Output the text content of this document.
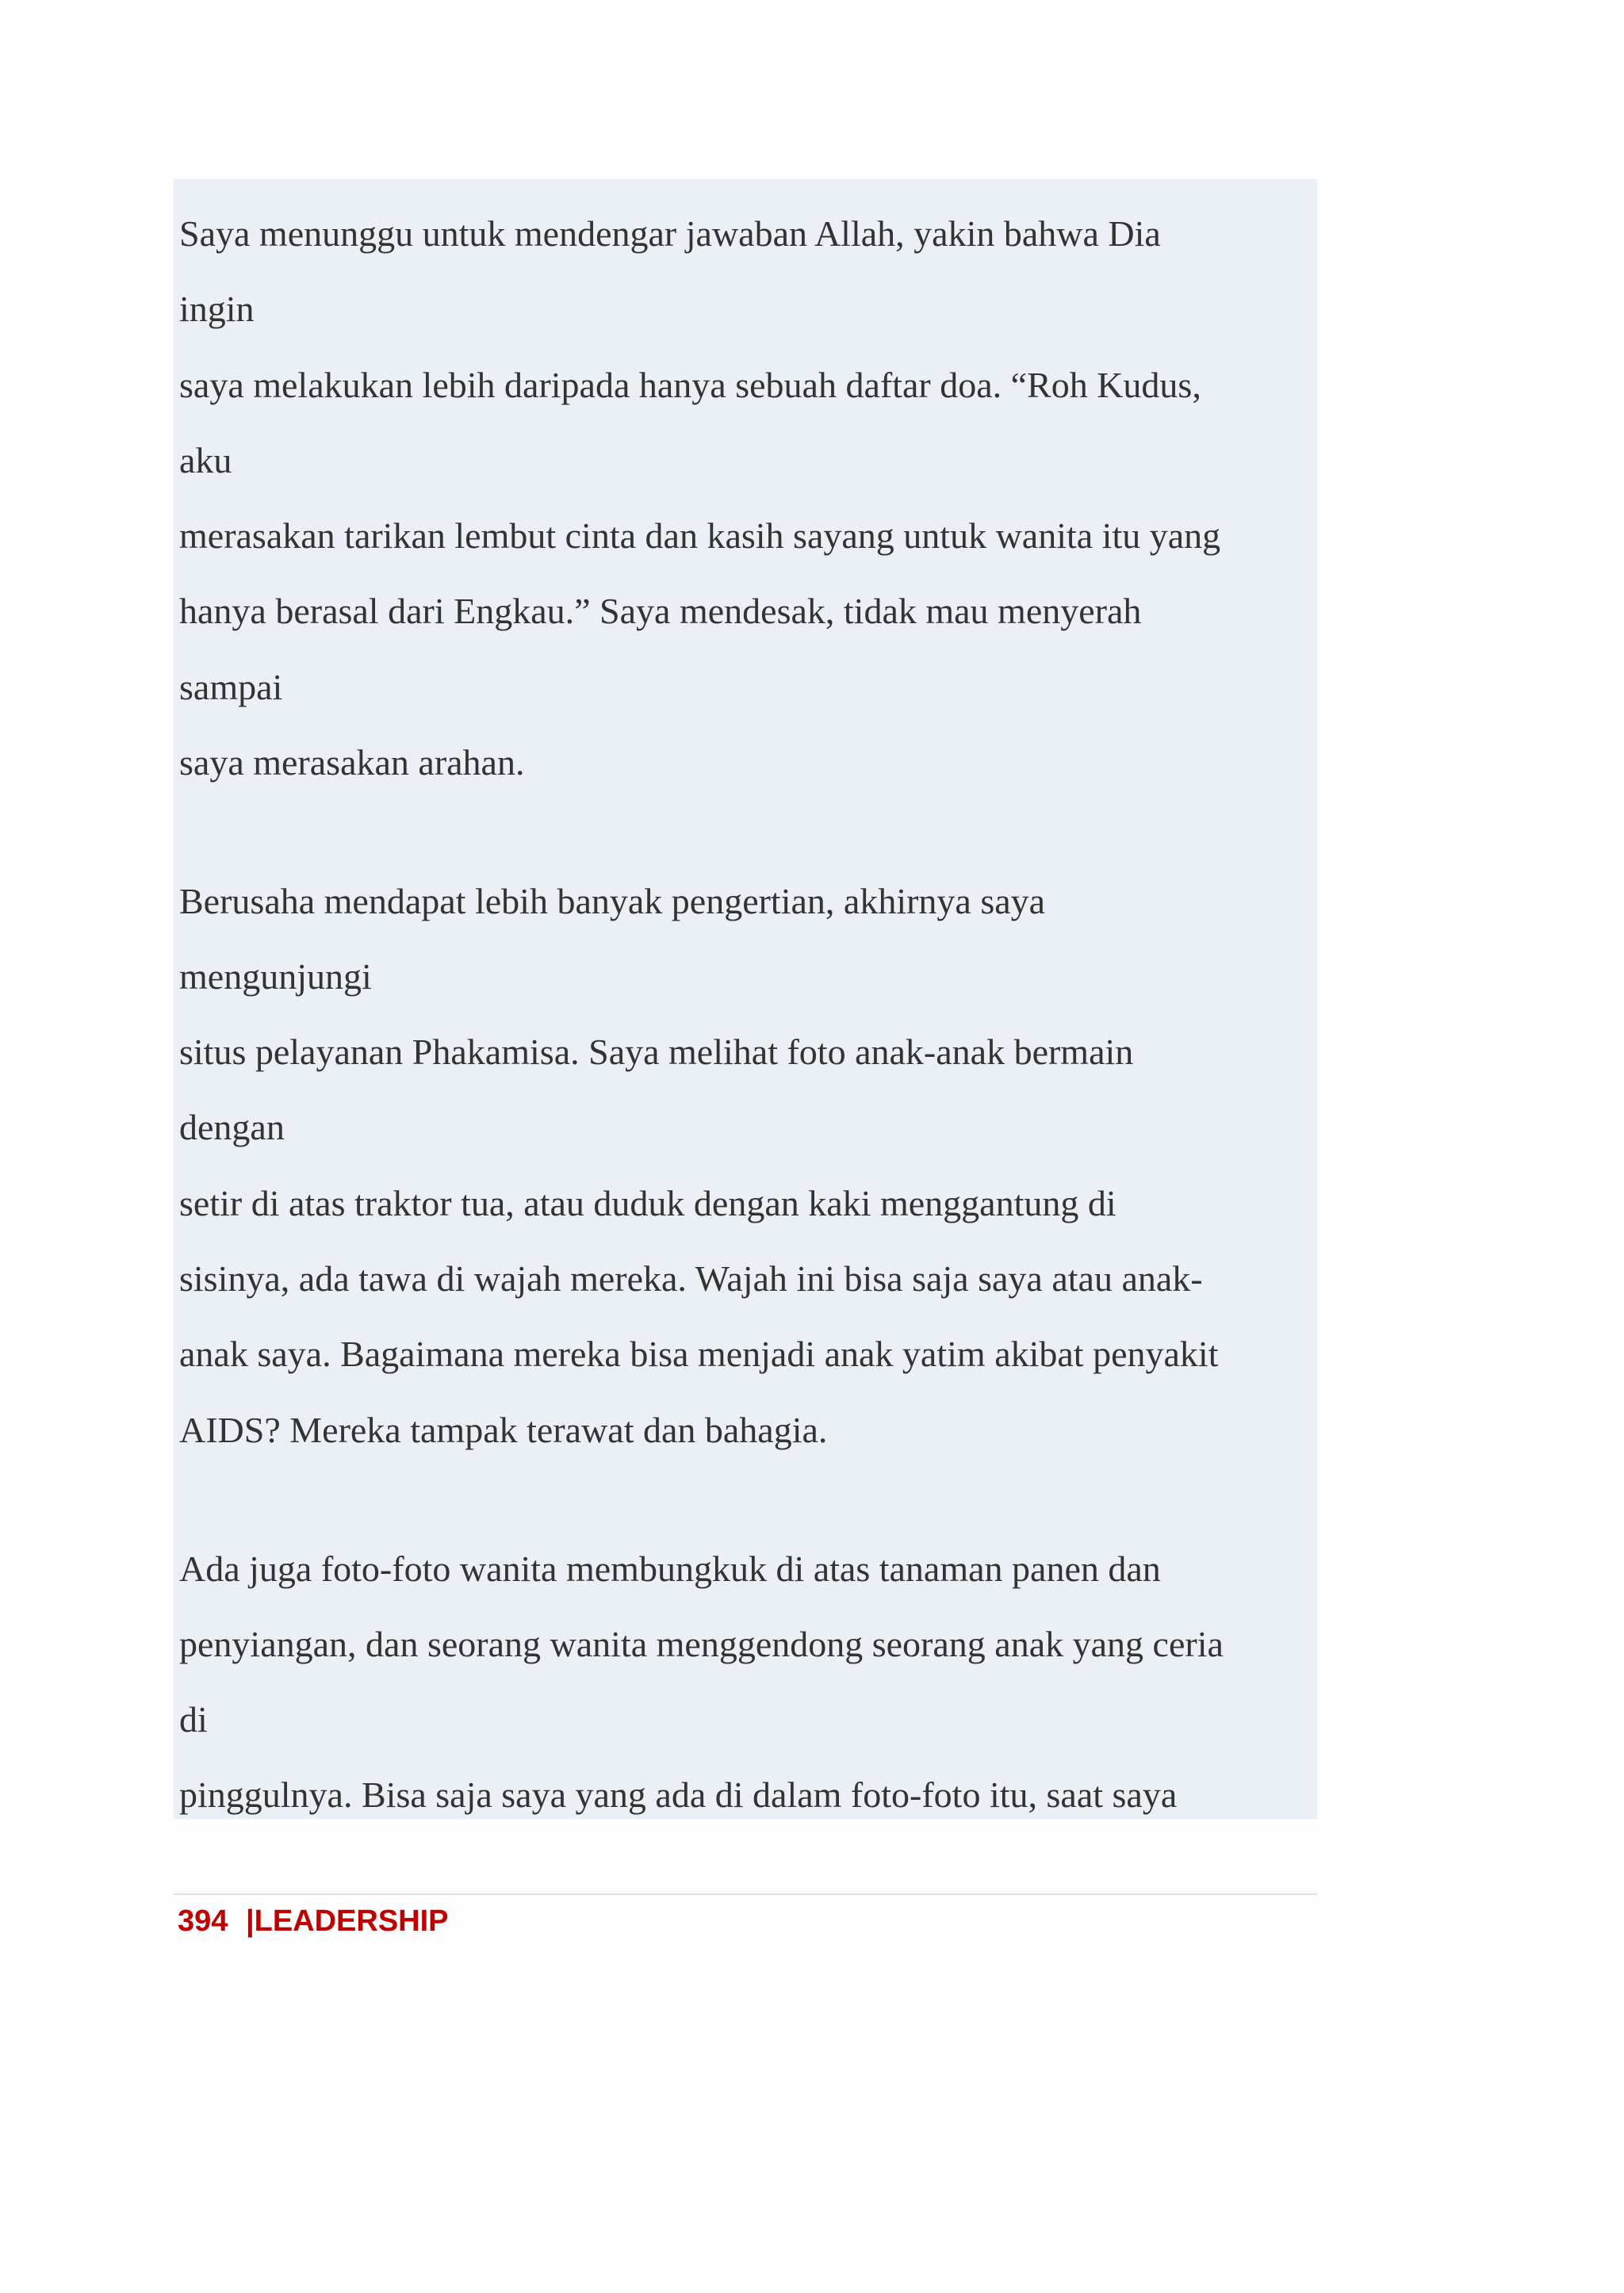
Saya menunggu untuk mendengar jawaban Allah, yakin bahwa Dia
ingin
saya melakukan lebih daripada hanya sebuah daftar doa. “Roh Kudus,
aku
merasakan tarikan lembut cinta dan kasih sayang untuk wanita itu yang
hanya berasal dari Engkau.” Saya mendesak, tidak mau menyerah
sampai
saya merasakan arahan.
Berusaha mendapat lebih banyak pengertian, akhirnya saya
mengunjungi
situs pelayanan Phakamisa. Saya melihat foto anak-anak bermain
dengan
setir di atas traktor tua, atau duduk dengan kaki menggantung di
sisinya, ada tawa di wajah mereka. Wajah ini bisa saja saya atau anak-
anak saya. Bagaimana mereka bisa menjadi anak yatim akibat penyakit
AIDS? Mereka tampak terawat dan bahagia.
Ada juga foto-foto wanita membungkuk di atas tanaman panen dan
penyiangan, dan seorang wanita menggendong seorang anak yang ceria
di
pinggulnya. Bisa saja saya yang ada di dalam foto-foto itu, saat saya
394 |LEADERSHIP
